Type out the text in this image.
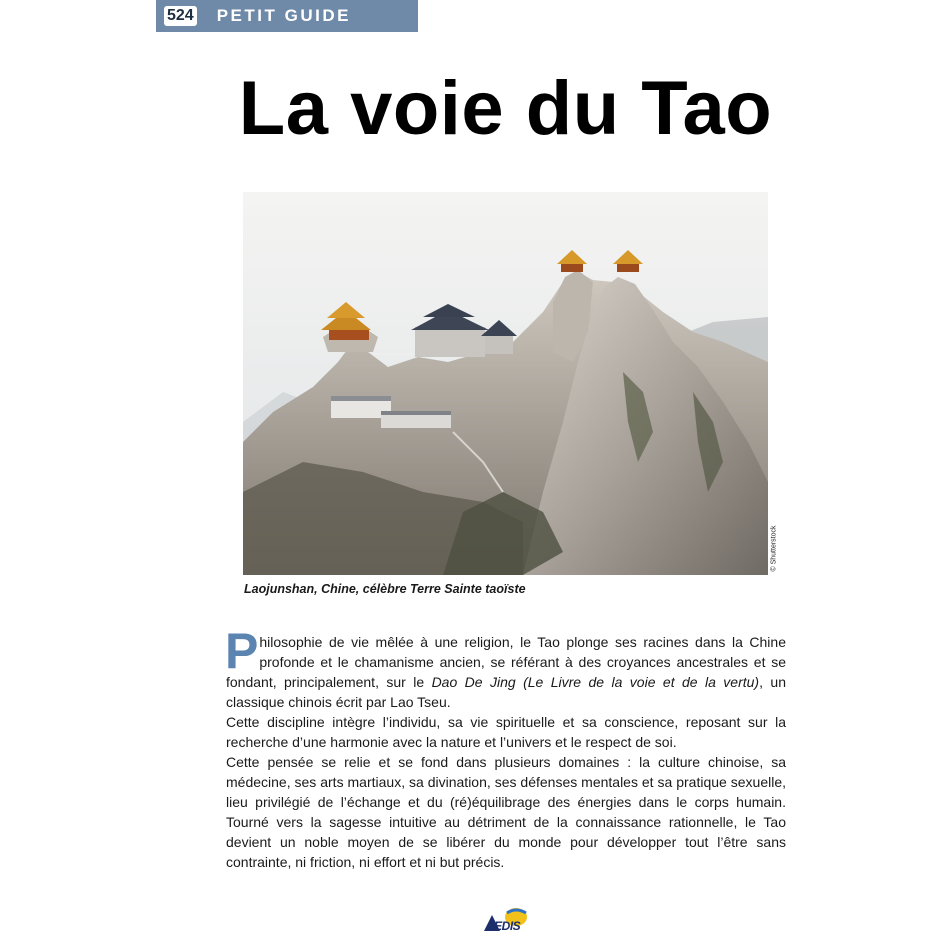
524 PETIT GUIDE
La voie du Tao
© Shutterstock
Laojunshan, Chine, célèbre Terre Sainte taoïste

Philosophie de vie mêlée à une religion, le Tao plonge ses racines dans la Chine profonde et le chamanisme ancien, se référant à des croyances ancestrales et se fondant, principalement, sur le Dao De Jing (Le Livre de la voie et de la vertu), un classique chinois écrit par Lao Tseu.

Cette discipline intègre l’individu, sa vie spirituelle et sa conscience, reposant sur la recherche d’une harmonie avec la nature et l’univers et le respect de soi.

Cette pensée se relie et se fond dans plusieurs domaines : la culture chinoise, sa médecine, ses arts martiaux, sa divination, ses défenses mentales et sa pratique sexuelle, lieu privilégié de l’échange et du (ré)équilibrage des énergies dans le corps humain. Tourné vers la sagesse intuitive au détriment de la connaissance rationnelle, le Tao devient un noble moyen de se libérer du monde pour développer tout l’être sans contrainte, ni friction, ni effort et ni but précis.

AEDIS
